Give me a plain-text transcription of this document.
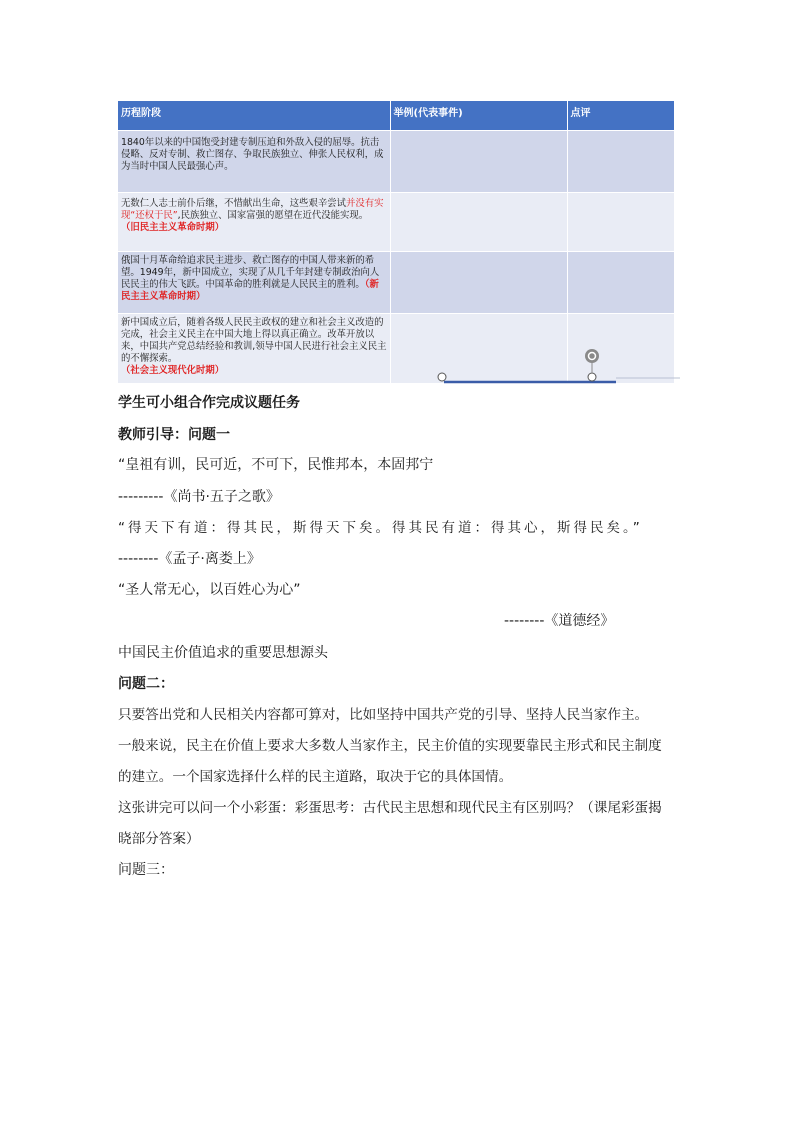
历程阶段	举例(代表事件)	点评
1840年以来的中国饱受封建专制压迫和外敌入侵的屈辱。抗击侵略、反对专制、救亡图存、争取民族独立、伸张人民权利，成为当时中国人民最强心声。		
无数仁人志士前仆后继，不惜献出生命，这些艰辛尝试并没有实现“还权于民”,民族独立、国家富强的愿望在近代没能实现。
（旧民主主义革命时期）		
俄国十月革命给追求民主进步、救亡图存的中国人带来新的希望。1949年，新中国成立，实现了从几千年封建专制政治向人民民主的伟大飞跃。中国革命的胜利就是人民民主的胜利。（新民主主义革命时期）		
新中国成立后，随着各级人民民主政权的建立和社会主义改造的完成，社会主义民主在中国大地上得以真正确立。改革开放以来，中国共产党总结经验和教训,领导中国人民进行社会主义民主的不懈探索。
（社会主义现代化时期）		
学生可小组合作完成议题任务
教师引导：问题一
“皇祖有训，民可近，不可下，民惟邦本，本固邦宁
---------《尚书·五子之歌》
“得天下有道：得其民，斯得天下矣。得其民有道：得其心，斯得民矣。”
--------《孟子·离娄上》
“圣人常无心，以百姓心为心”
--------《道德经》
中国民主价值追求的重要思想源头
问题二：
只要答出党和人民相关内容都可算对，比如坚持中国共产党的引导、坚持人民当家作主。
一般来说，民主在价值上要求大多数人当家作主，民主价值的实现要靠民主形式和民主制度
的建立。一个国家选择什么样的民主道路，取决于它的具体国情。
这张讲完可以问一个小彩蛋：彩蛋思考：古代民主思想和现代民主有区别吗？（课尾彩蛋揭
晓部分答案）
问题三：
